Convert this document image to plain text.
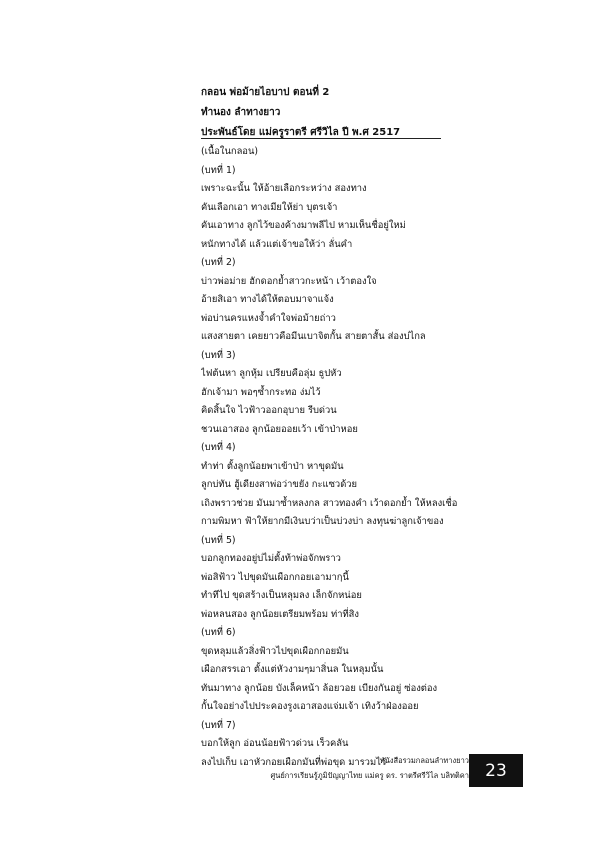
กลอน พ่อม้ายไอบาป ตอนที่ 2
ทำนอง ลำทางยาว
ประพันธ์โดย แม่ครูราตรี ศรีวิไล ปี พ.ศ 2517
(เนื้อในกลอน)
(บทที่ 1)
เพราะฉะนั้น ให้อ้ายเลือกระหว่าง สองทาง
คันเลือกเอา ทางเมียให้ย่า บุตรเจ้า
คันเอาทาง ลูกไว้ของค้างมาพลีไป หามเห็นชื่อยู่ใหม่
หนักทางได้ แล้วแต่เจ้าขอให้ว่า ลั่นคำ
(บทที่ 2)
บ่าวพ่อม่าย ฮักดอกย้ำสาวกะหน้า เว้าตองใจ
อ้ายสิเอา ทางได้ให้ตอบมาจาแจ้ง
พ่อบ่านครแหงจ้ำคำใจพ่อม้ายถ่าว
แสงสายตา เคยยาวคือมีนเบาจิตกั้น สายตาสั้น ส่องบ่ไกล
(บทที่ 3)
ไฟต้นหา ลูกหุ้ม เปรียบคือลุ่ม ธูปหัว
ฮักเจ้ามา พอๆซ้ำกระทอ ง่มไว้
คิดสิ้นใจ ไวฟ้าวออกอุบาย รีบด่วน
ชวนเอาสอง ลูกน้อยออยเว้า เข้าป่าหอย
(บทที่ 4)
ทำท่า ตั้งลูกน้อยพาเข้าป่า หาขุดมัน
ลูกบ่ทัน ฮู้เดียงสาพ่อว่าขยัง กะแซวด้วย
เถิงพราวช่วย มันมาซ้ำหลงกล สาวทองคำ เว้าดอกย้ำ ให้หลงเชื่อ
กามพิมหา ฟ้าให้ยากมีเงินบว่าเป็นบ่วงบ่า ลงทุนฆ่าลูกเจ้าของ
(บทที่ 5)
บอกลูกทองอยู่บ่ไม่ตั้งท้าพ่อจักพราว
พ่อสิฟ้าว ไปขุดมันเผือกกอยเอามากฺนี้
ทำทีไป ขุดสร้างเป็นหลุมลง เล็กจักหน่อย
พ่อหลนสอง ลูกน้อยเตรียมพร้อม ท่าที่สิง
(บทที่ 6)
ขุดหลุมแล้วสิ่งฟ้าวไปขุดเผือกกอยมัน
เผือกสรรเอา ตั้งแต่หัวงามๆมาสิ่นล ในหลุมนั้น
ทันมาทาง ลูกน้อย บังเล็คหน้า ล้อยวอย เบียงกันอยู่ ซ่องต่อง
กั้นใจอย่างไปประคองรูงเอาสองแจ่มเจ้า เทิงว้าฝ่องออย
(บทที่ 7)
บอกให้ลูก อ่อนน้อยฟ้าวด่วน เร็วคลัน
ลงไปเก็บ เอาหัวกอยเผือกมันที่พ่อขุด มารวมไว้
หนังสือรวมกลอนลำทางยาว
ศูนย์การเรียนรู้ภูมิปัญญาไทย แม่ครู ดร. ราตรีศรีวิไล บลิทติคา 23
